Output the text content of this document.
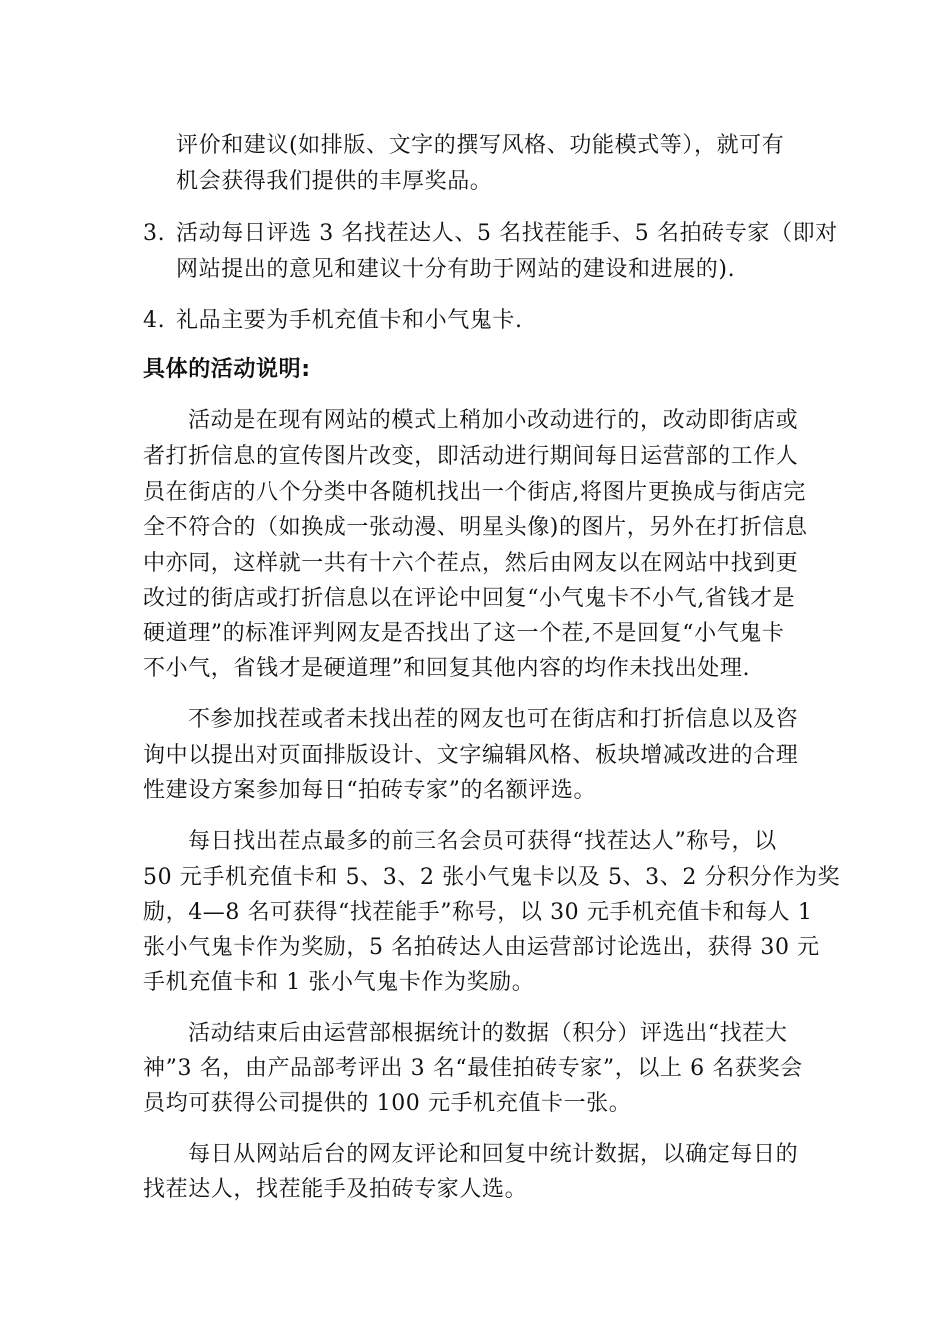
评价和建议(如排版、文字的撰写风格、功能模式等），就可有
机会获得我们提供的丰厚奖品。
3. 活动每日评选 3 名找茬达人、5 名找茬能手、5 名拍砖专家（即对
网站提出的意见和建议十分有助于网站的建设和进展的).
4. 礼品主要为手机充值卡和小气鬼卡.
具体的活动说明:
活动是在现有网站的模式上稍加小改动进行的，改动即街店或
者打折信息的宣传图片改变，即活动进行期间每日运营部的工作人
员在街店的八个分类中各随机找出一个街店,将图片更换成与街店完
全不符合的（如换成一张动漫、明星头像)的图片，另外在打折信息
中亦同，这样就一共有十六个茬点，然后由网友以在网站中找到更
改过的街店或打折信息以在评论中回复“小气鬼卡不小气,省钱才是
硬道理”的标准评判网友是否找出了这一个茬,不是回复“小气鬼卡
不小气，省钱才是硬道理”和回复其他内容的均作未找出处理.
不参加找茬或者未找出茬的网友也可在街店和打折信息以及咨
询中以提出对页面排版设计、文字编辑风格、板块增减改进的合理
性建设方案参加每日“拍砖专家”的名额评选。
每日找出茬点最多的前三名会员可获得“找茬达人”称号，以
50 元手机充值卡和 5、3、2 张小气鬼卡以及 5、3、2 分积分作为奖
励，4—8 名可获得“找茬能手”称号，以 30 元手机充值卡和每人 1
张小气鬼卡作为奖励，5 名拍砖达人由运营部讨论选出，获得 30 元
手机充值卡和 1 张小气鬼卡作为奖励。
活动结束后由运营部根据统计的数据（积分）评选出“找茬大
神”3 名，由产品部考评出 3 名“最佳拍砖专家”，以上 6 名获奖会
员均可获得公司提供的 100 元手机充值卡一张。
每日从网站后台的网友评论和回复中统计数据，以确定每日的
找茬达人，找茬能手及拍砖专家人选。
